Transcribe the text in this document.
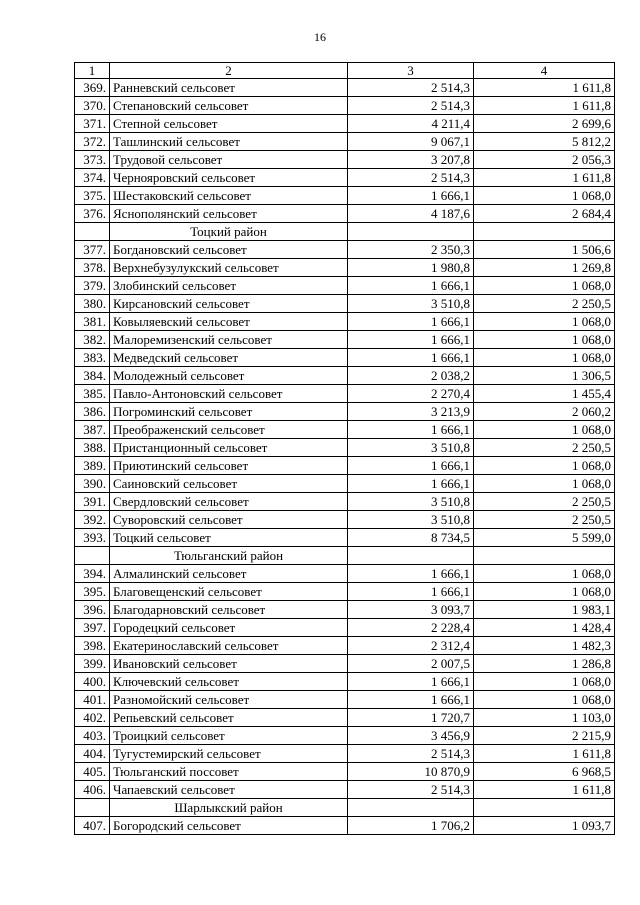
16
1	2	3	4
369.	Ранневский сельсовет	2 514,3	1 611,8
370.	Степановский сельсовет	2 514,3	1 611,8
371.	Степной сельсовет	4 211,4	2 699,6
372.	Ташлинский сельсовет	9 067,1	5 812,2
373.	Трудовой сельсовет	3 207,8	2 056,3
374.	Чернояровский сельсовет	2 514,3	1 611,8
375.	Шестаковский сельсовет	1 666,1	1 068,0
376.	Яснополянский сельсовет	4 187,6	2 684,4
	Тоцкий район		
377.	Богдановский сельсовет	2 350,3	1 506,6
378.	Верхнебузулукский сельсовет	1 980,8	1 269,8
379.	Злобинский сельсовет	1 666,1	1 068,0
380.	Кирсановский сельсовет	3 510,8	2 250,5
381.	Ковыляевский сельсовет	1 666,1	1 068,0
382.	Малоремизенский сельсовет	1 666,1	1 068,0
383.	Медведский сельсовет	1 666,1	1 068,0
384.	Молодежный сельсовет	2 038,2	1 306,5
385.	Павло-Антоновский сельсовет	2 270,4	1 455,4
386.	Погроминский сельсовет	3 213,9	2 060,2
387.	Преображенский сельсовет	1 666,1	1 068,0
388.	Пристанционный сельсовет	3 510,8	2 250,5
389.	Приютинский сельсовет	1 666,1	1 068,0
390.	Саиновский сельсовет	1 666,1	1 068,0
391.	Свердловский сельсовет	3 510,8	2 250,5
392.	Суворовский сельсовет	3 510,8	2 250,5
393.	Тоцкий сельсовет	8 734,5	5 599,0
	Тюльганский район		
394.	Алмалинский сельсовет	1 666,1	1 068,0
395.	Благовещенский сельсовет	1 666,1	1 068,0
396.	Благодарновский сельсовет	3 093,7	1 983,1
397.	Городецкий сельсовет	2 228,4	1 428,4
398.	Екатеринославский сельсовет	2 312,4	1 482,3
399.	Ивановский сельсовет	2 007,5	1 286,8
400.	Ключевский сельсовет	1 666,1	1 068,0
401.	Разномойский сельсовет	1 666,1	1 068,0
402.	Репьевский сельсовет	1 720,7	1 103,0
403.	Троицкий сельсовет	3 456,9	2 215,9
404.	Тугустемирский сельсовет	2 514,3	1 611,8
405.	Тюльганский поссовет	10 870,9	6 968,5
406.	Чапаевский сельсовет	2 514,3	1 611,8
	Шарлыкский район		
407.	Богородский сельсовет	1 706,2	1 093,7
